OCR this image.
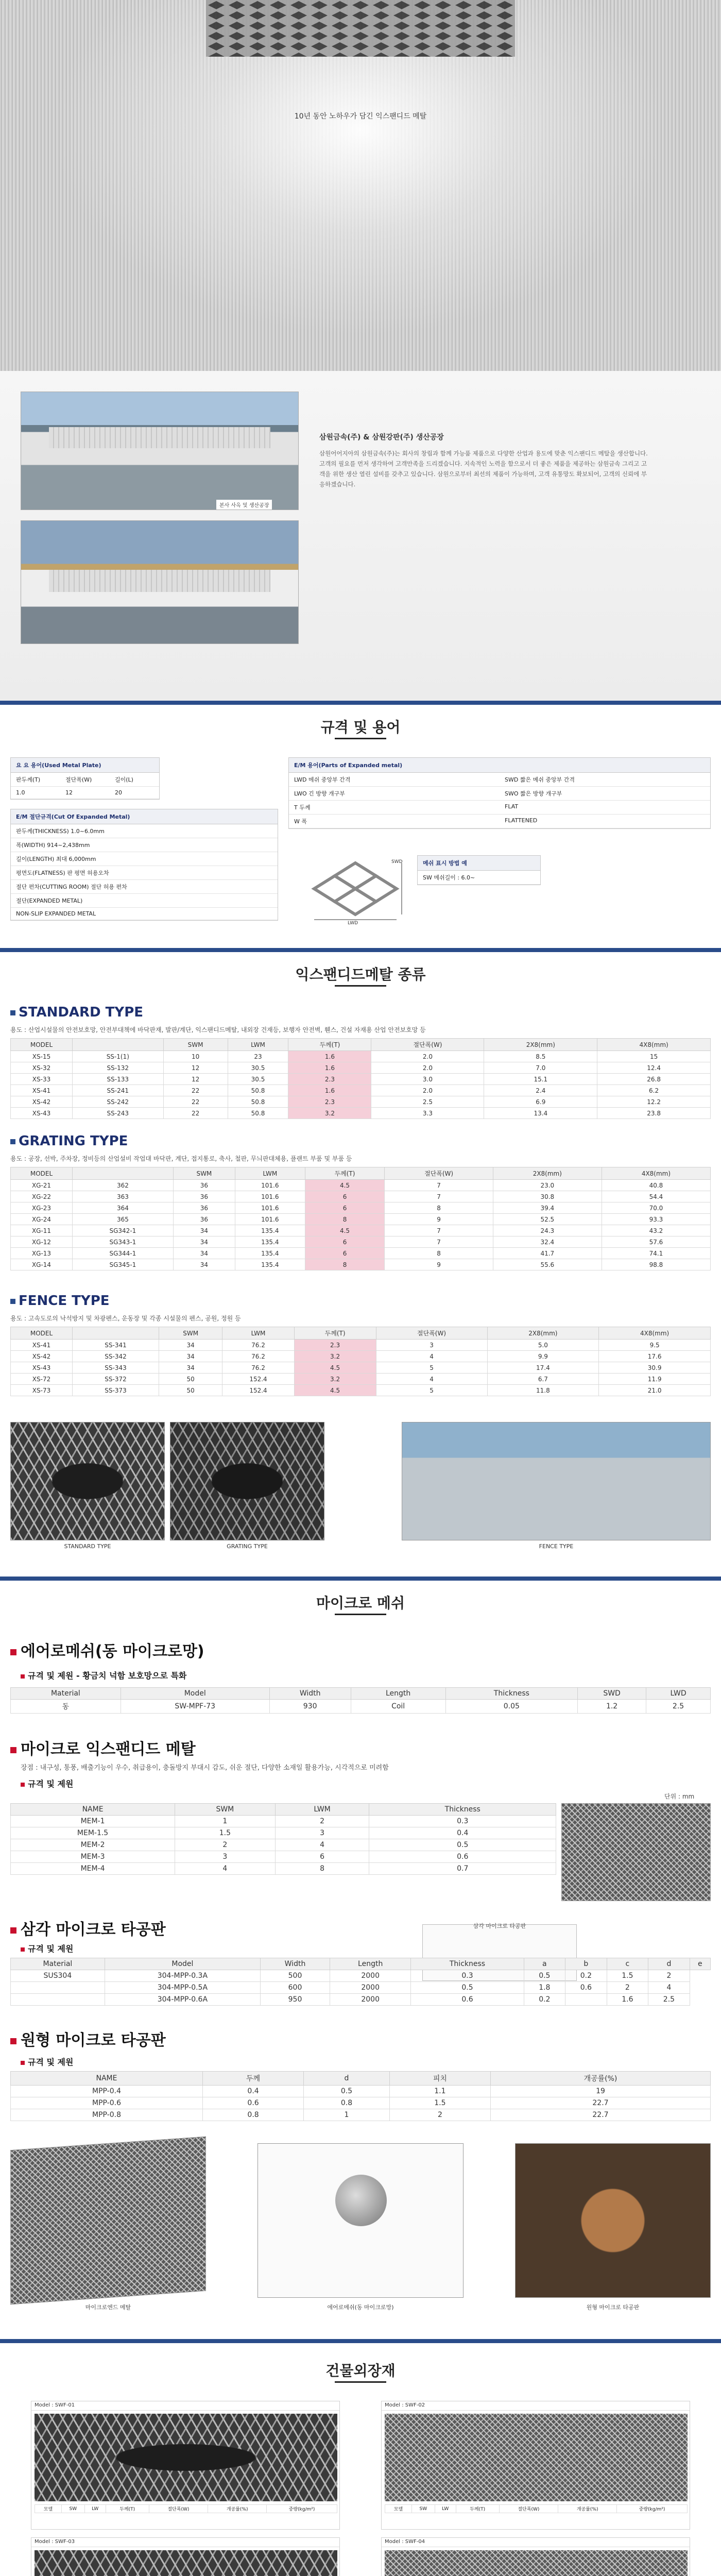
10년 동안 노하우가 담긴 익스팬디드 메탈
본사 사옥 및 생산공장
삼원금속(주) & 삼원강판(주) 생산공장
삼원어어지아의 삼원금속(주)는 회사의 창립과 함께 가능품 제품으로 다양한 산업과 용도에 맞춘 익스팬디드 메탈을 생산합니다. 고객의 필요를 먼저 생각하여 고객만족을 드리겠습니다. 지속적인 노력을 함으로서 더 좋은 제품을 제공하는 삼원금속 그리고 고객을 위한 생산 열린 설비를 갖추고 있습니다. 삼원으로부터 최선의 제품이 가능하며, 고객 유통망도 확보되어, 고객의 신뢰에 부응하겠습니다.
규격 및 용어
요 요 용어(Used Metal Plate)
판두께(T)	절단폭(W)	길이(L)
1.0	12	20
E/M 절단규격(Cut Of Expanded Metal)
판두께(THICKNESS) 1.0~6.0mm
폭(WIDTH) 914~2,438mm
길이(LENGTH) 최대 6,000mm
평면도(FLATNESS) 판 평면 허용오차
절단 편차(CUTTING ROOM) 절단 허용 편차
절단(EXPANDED METAL)
NON-SLIP EXPANDED METAL
E/M 용어(Parts of Expanded metal)
LWD 메쉬 중앙부 간격	SWD 짧은 메쉬 중앙부 간격
LWO 긴 방향 개구부	SWO 짧은 방향 개구부
T 두께	FLAT
W 폭	FLATTENED
LWD
SWD	메쉬 표시 방법 예
SW 메쉬길이 : 6.0~
익스팬디드메탈 종류
STANDARD TYPE
용도 : 산업시설물의 안전보호망, 안전부대책에 바닥판재, 발판/계단, 익스팬디드메탈, 내외장 건재등, 보행자 안전벽, 휀스, 건설 자재용 산업 안전보호망 등
MODEL		SWM	LWM	두께(T)	절단폭(W)	2X8(mm)	4X8(mm)
XS-15	SS-1(1)	10	23	1.6	2.0	8.5	15
XS-32	SS-132	12	30.5	1.6	2.0	7.0	12.4
XS-33	SS-133	12	30.5	2.3	3.0	15.1	26.8
XS-41	SS-241	22	50.8	1.6	2.0	2.4	6.2
XS-42	SS-242	22	50.8	2.3	2.5	6.9	12.2
XS-43	SS-243	22	50.8	3.2	3.3	13.4	23.8
GRATING TYPE
용도 : 공장, 선박, 주차장, 정비등의 산업설비 작업대 바닥판, 계단, 접지통로, 축사, 철판, 무늬판대체용, 플랜트 부품 및 부품 등
MODEL		SWM	LWM	두께(T)	절단폭(W)	2X8(mm)	4X8(mm)
XG-21	362	36	101.6	4.5	7	23.0	40.8
XG-22	363	36	101.6	6	7	30.8	54.4
XG-23	364	36	101.6	6	8	39.4	70.0
XG-24	365	36	101.6	8	9	52.5	93.3
XG-11	SG342-1	34	135.4	4.5	7	24.3	43.2
XG-12	SG343-1	34	135.4	6	7	32.4	57.6
XG-13	SG344-1	34	135.4	6	8	41.7	74.1
XG-14	SG345-1	34	135.4	8	9	55.6	98.8
FENCE TYPE
용도 : 고속도로의 낙석방지 및 차광펜스, 운동장 및 각종 시설물의 펜스, 공원, 정원 등
MODEL		SWM	LWM	두께(T)	절단폭(W)	2X8(mm)	4X8(mm)
XS-41	SS-341	34	76.2	2.3	3	5.0	9.5
XS-42	SS-342	34	76.2	3.2	4	9.9	17.6
XS-43	SS-343	34	76.2	4.5	5	17.4	30.9
XS-72	SS-372	50	152.4	3.2	4	6.7	11.9
XS-73	SS-373	50	152.4	4.5	5	11.8	21.0
STANDARD TYPE	GRATING TYPE	FENCE TYPE
마이크로 메쉬
에어로메쉬(동 마이크로망)
규격 및 제원 - 황금치 넉함 보호망으로 특화
Material	Model	Width	Length	Thickness	SWD	LWD
동	SW-MPF-73	930	Coil	0.05	1.2	2.5
마이크로 익스팬디드 메탈
장점 : 내구성, 통풍, 배출기능이 우수, 취급용이, 충돌방지 부대시 감도, 쉬운 절단, 다양한 소재일 활용가능, 시각적으로 미려함
규격 및 제원
단위 : mm
NAME	SWM	LWM	Thickness
MEM-1	1	2	0.3
MEM-1.5	1.5	3	0.4
MEM-2	2	4	0.5
MEM-3	3	6	0.6
MEM-4	4	8	0.7
삼각 마이크로 타공판
규격 및 제원
삼각 마이크로 타공판
Material	Model	Width	Length	Thickness	a	b	c	d	e
SUS304	304-MPP-0.3A	500	2000	0.3	0.5	0.2	1.5	2	
	304-MPP-0.5A	600	2000	0.5	1.8	0.6	2	4	
	304-MPP-0.6A	950	2000	0.6	0.2		1.6	2.5	
원형 마이크로 타공판
규격 및 제원
NAME	두께	d	피치	개공률(%)
MPP-0.4	0.4	0.5	1.1	19
MPP-0.6	0.6	0.8	1.5	22.7
MPP-0.8	0.8	1	2	22.7
마이크로엔드 메탈	에어로메쉬(동 마이크로망)	원형 마이크로 타공판
건물외장재
Model : SWF-01
모델	SW	LW	두께(T)	절단폭(W)	개공률(%)	중량(kg/m²)
Model : SWF-02
모델	SW	LW	두께(T)	절단폭(W)	개공률(%)	중량(kg/m²)
Model : SWF-03
							Model : SWF-04
